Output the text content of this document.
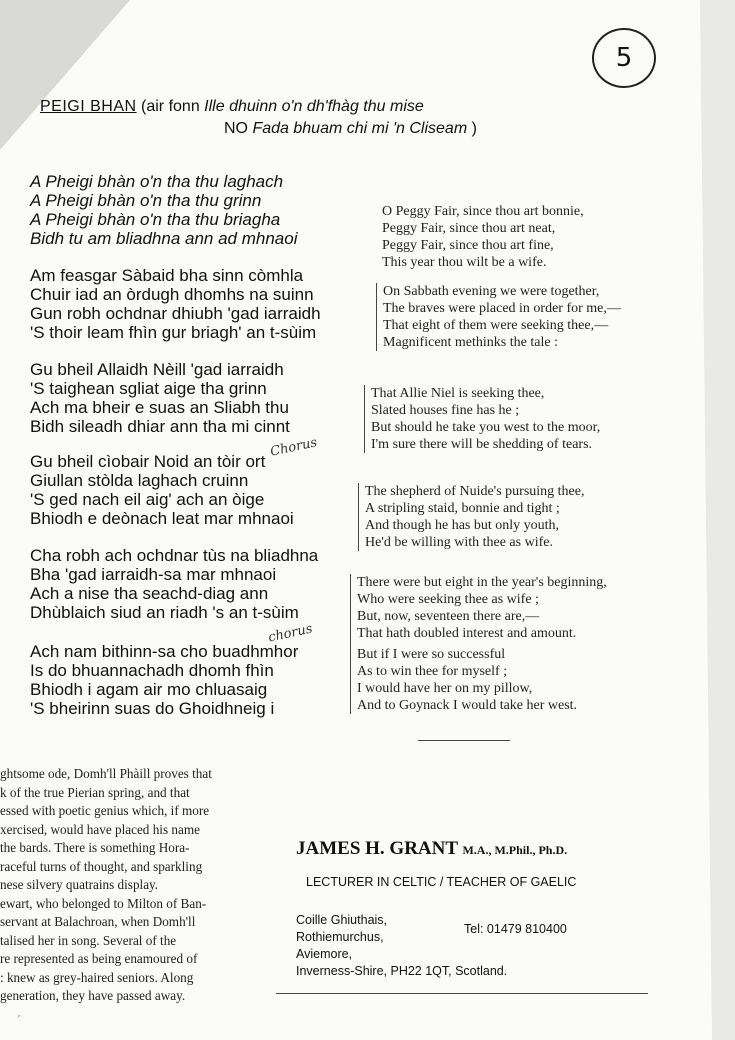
5
PEIGI BHAN (air fonn Ille dhuinn o'n dh'fhàg thu mise
NO Fada bhuam chi mi 'n Cliseam )
A Pheigi bhàn o'n tha thu laghach
A Pheigi bhàn o'n tha thu grinn
A Pheigi bhàn o'n tha thu briagha
Bidh tu am bliadhna ann ad mhnaoi
Am feasgar Sàbaid bha sinn còmhla
Chuir iad an òrdugh dhomhs na suinn
Gun robh ochdnar dhiubh 'gad iarraidh
'S thoir leam fhìn gur briagh' an t-sùim
Gu bheil Allaidh Nèill 'gad iarraidh
'S taighean sgliat aige tha grinn
Ach ma bheir e suas an Sliabh thu
Bidh sileadh dhiar ann tha mi cinnt
Gu bheil cìobair Noid an tòir ort
Giullan stòlda laghach cruinn
'S ged nach eil aig' ach an òige
Bhiodh e deònach leat mar mhnaoi
Cha robh ach ochdnar tùs na bliadhna
Bha 'gad iarraidh-sa mar mhnaoi
Ach a nise tha seachd-diag ann
Dhùblaich siud an riadh 's an t-sùim
Ach nam bithinn-sa cho buadhmhor
Is do bhuannachadh dhomh fhìn
Bhiodh i agam air mo chluasaig
'S bheirinn suas do Ghoidhneig i
Chorus
chorus
O Peggy Fair, since thou art bonnie,
Peggy Fair, since thou art neat,
Peggy Fair, since thou art fine,
This year thou wilt be a wife.
On Sabbath evening we were together,
The braves were placed in order for me,—
That eight of them were seeking thee,—
Magnificent methinks the tale :
That Allie Niel is seeking thee,
Slated houses fine has he ;
But should he take you west to the moor,
I'm sure there will be shedding of tears.
The shepherd of Nuide's pursuing thee,
A stripling staid, bonnie and tight ;
And though he has but only youth,
He'd be willing with thee as wife.
There were but eight in the year's beginning,
Who were seeking thee as wife ;
But, now, seventeen there are,—
That hath doubled interest and amount.
But if I were so successful
As to win thee for myself ;
I would have her on my pillow,
And to Goynack I would take her west.
ghtsome ode, Domh'll Phàill proves that
k of the true Pierian spring, and that
essed with poetic genius which, if more
xercised, would have placed his name
the bards. There is something Hora-
raceful turns of thought, and sparkling
nese silvery quatrains display.
ewart, who belonged to Milton of Ban-
servant at Balachroan, when Domh'll
talised her in song. Several of the
re represented as being enamoured of
: knew as grey-haired seniors. Along
generation, they have passed away.
JAMES H. GRANT M.A., M.Phil., Ph.D.
LECTURER IN CELTIC / TEACHER OF GAELIC
Coille Ghiuthais,
Rothiemurchus,
Aviemore,
Inverness-Shire, PH22 1QT, Scotland.
Tel: 01479 810400
′
